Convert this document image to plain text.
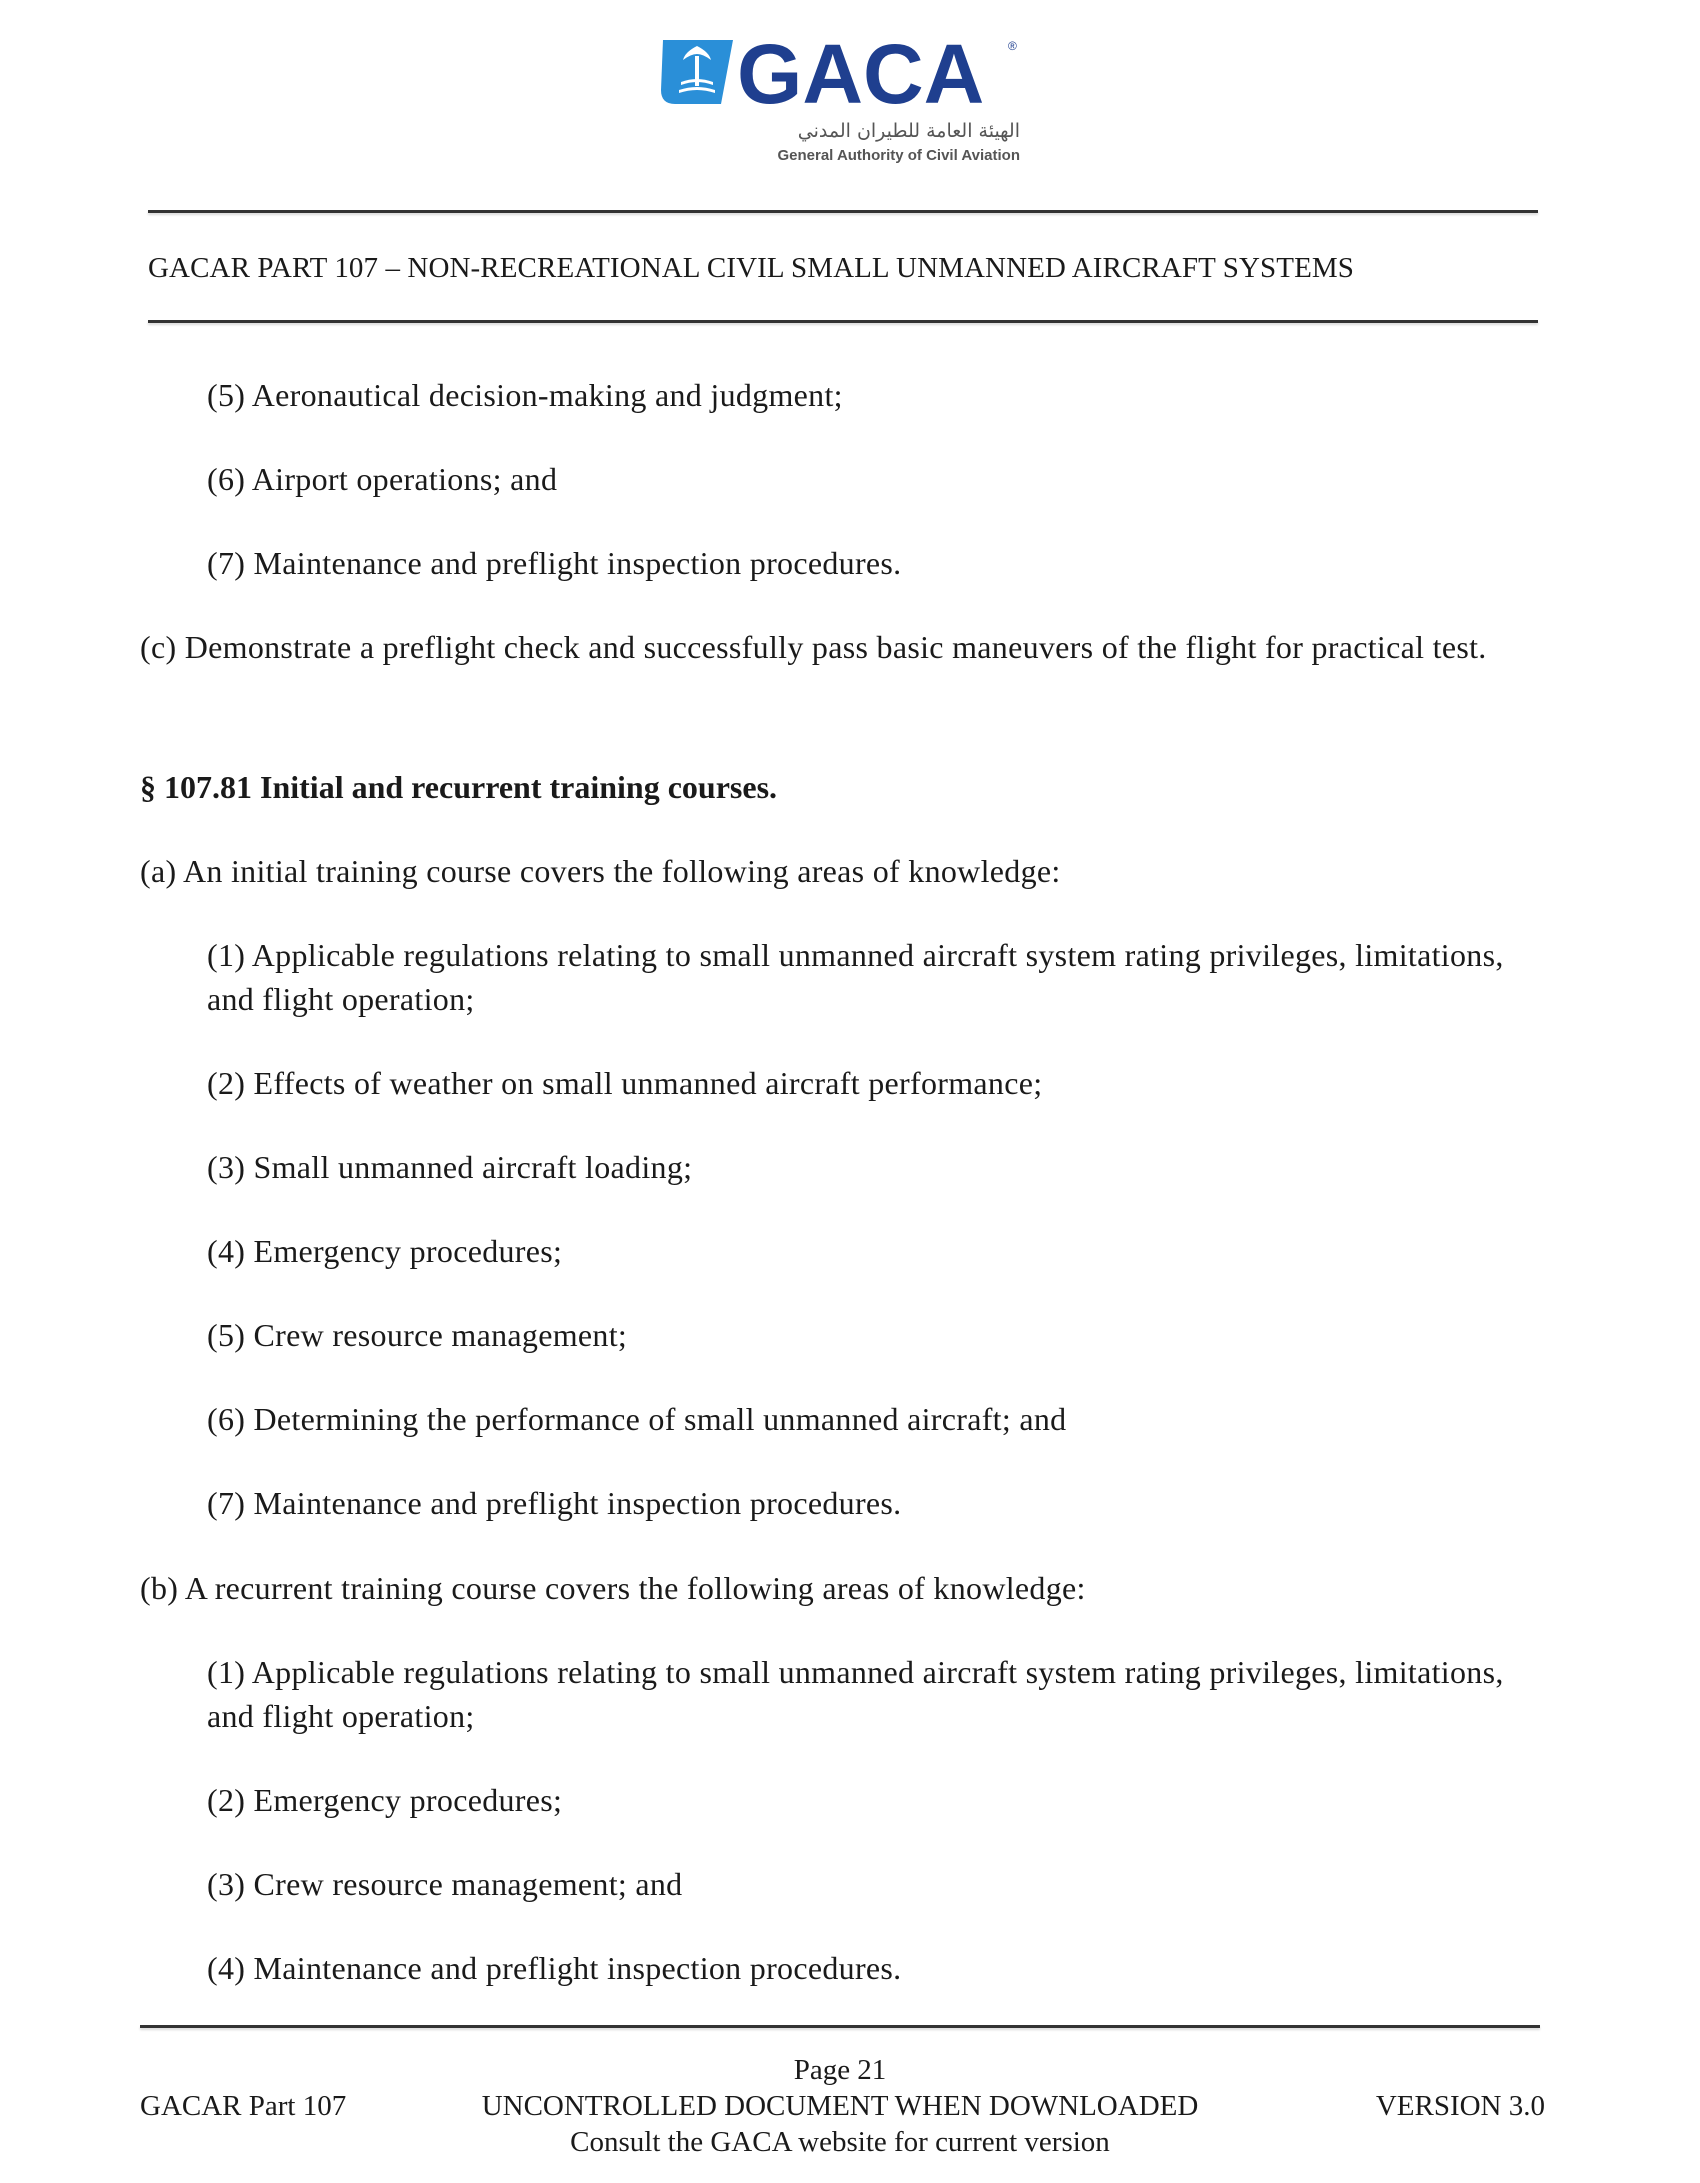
GACA ®
الهيئة العامة للطيران المدني
General Authority of Civil Aviation
GACAR PART 107 – NON-RECREATIONAL CIVIL SMALL UNMANNED AIRCRAFT SYSTEMS
(5) Aeronautical decision-making and judgment;
(6) Airport operations; and
(7) Maintenance and preflight inspection procedures.
(c) Demonstrate a preflight check and successfully pass basic maneuvers of the flight for practical test.
§ 107.81 Initial and recurrent training courses.
(a) An initial training course covers the following areas of knowledge:
(1) Applicable regulations relating to small unmanned aircraft system rating privileges, limitations, and flight operation;
(2) Effects of weather on small unmanned aircraft performance;
(3) Small unmanned aircraft loading;
(4) Emergency procedures;
(5) Crew resource management;
(6) Determining the performance of small unmanned aircraft; and
(7) Maintenance and preflight inspection procedures.
(b) A recurrent training course covers the following areas of knowledge:
(1) Applicable regulations relating to small unmanned aircraft system rating privileges, limitations, and flight operation;
(2) Emergency procedures;
(3) Crew resource management; and
(4) Maintenance and preflight inspection procedures.
Page 21
GACAR Part 107	UNCONTROLLED DOCUMENT WHEN DOWNLOADED	VERSION 3.0
Consult the GACA website for current version
